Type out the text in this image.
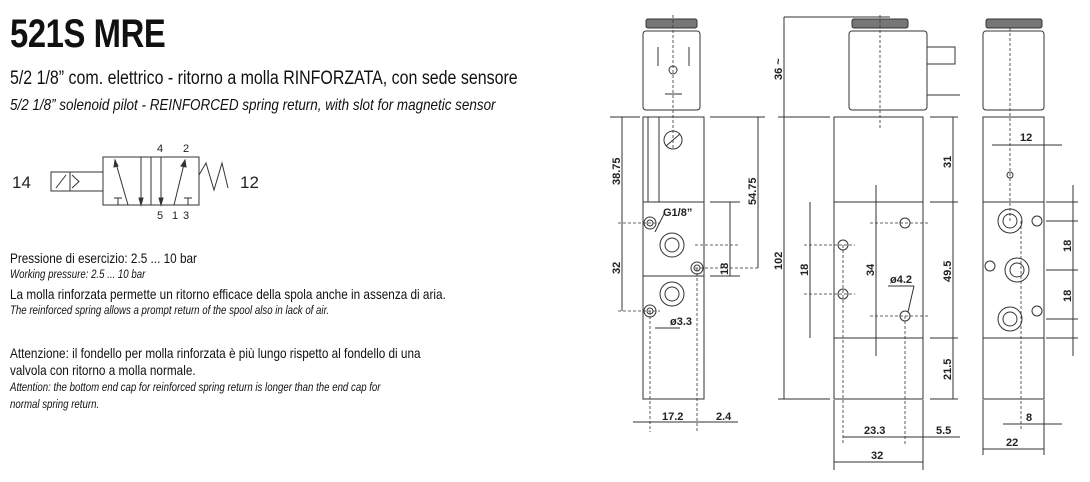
521S MRE
5/2 1/8” com. elettrico - ritorno a molla RINFORZATA, con sede sensore
5/2 1/8” solenoid pilot - REINFORCED spring return, with slot for magnetic sensor
14	12
4 2
5 1 3
Pressione di esercizio: 2.5 ... 10 bar
Working pressure: 2.5 ... 10 bar
La molla rinforzata permette un ritorno efficace della spola anche in assenza di aria.
The reinforced spring allows a prompt return of the spool also in lack of air.
Attenzione: il fondello per molla rinforzata è più lungo rispetto al fondello di una
valvola con ritorno a molla normale.
Attention: the bottom end cap for reinforced spring return is longer than the end cap for
normal spring return.
38.75
54.75
32	18
G1/8”
ø3.3
17.2	2.4
36 ~
102
31
49.5
21.5
18	34
ø4.2
23.3	5.5
32
12
18
18
8
22
